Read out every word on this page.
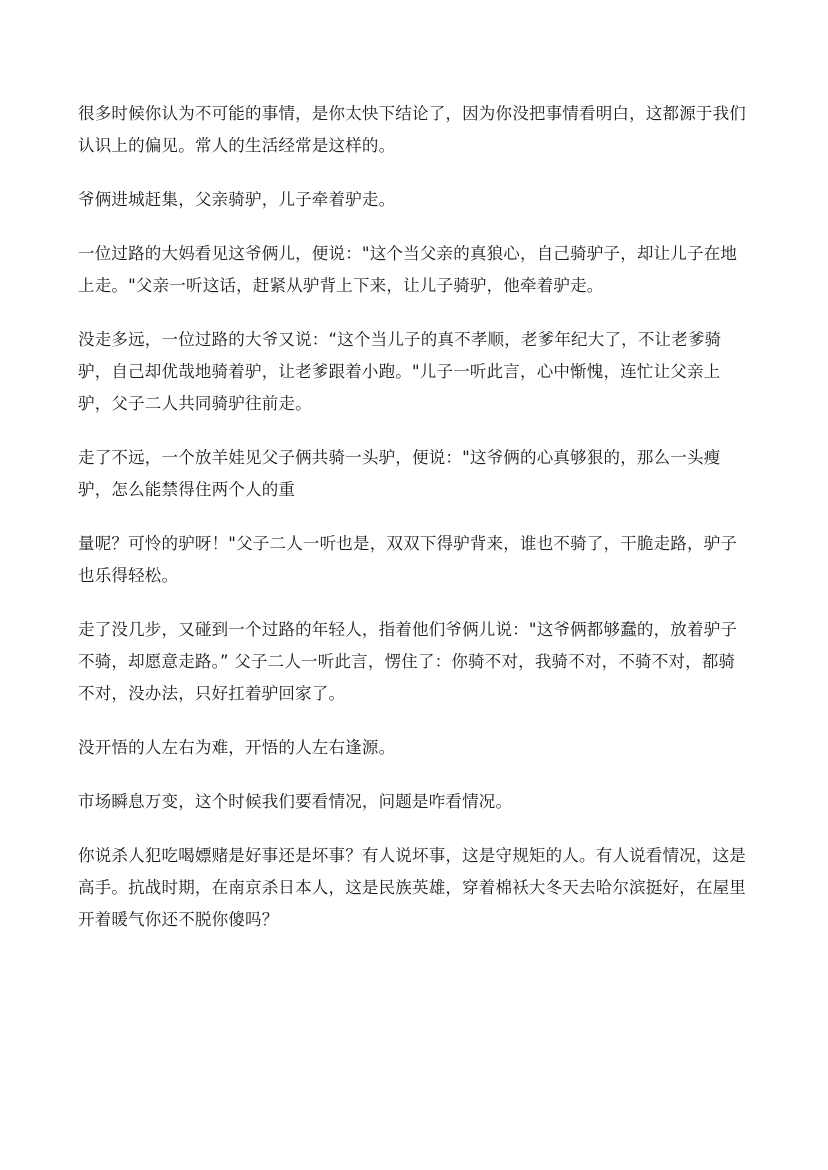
很多时候你认为不可能的事情，是你太快下结论了，因为你没把事情看明白，这都源于我们
认识上的偏见。常人的生活经常是这样的。

爷俩进城赶集，父亲骑驴，儿子牵着驴走。

一位过路的大妈看见这爷俩儿，便说："这个当父亲的真狼心，自己骑驴子，却让儿子在地
上走。"父亲一听这话，赶紧从驴背上下来，让儿子骑驴，他牵着驴走。

没走多远，一位过路的大爷又说：“这个当儿子的真不孝顺，老爹年纪大了，不让老爹骑
驴，自己却优哉地骑着驴，让老爹跟着小跑。"儿子一听此言，心中惭愧，连忙让父亲上
驴，父子二人共同骑驴往前走。

走了不远，一个放羊娃见父子俩共骑一头驴，便说："这爷俩的心真够狠的，那么一头瘦
驴，怎么能禁得住两个人的重

量呢？可怜的驴呀！"父子二人一听也是，双双下得驴背来，谁也不骑了，干脆走路，驴子
也乐得轻松。

走了没几步，又碰到一个过路的年轻人，指着他们爷俩儿说："这爷俩都够蠢的，放着驴子
不骑，却愿意走路。” 父子二人一听此言，愣住了：你骑不对，我骑不对，不骑不对，都骑
不对，没办法，只好扛着驴回家了。

没开悟的人左右为难，开悟的人左右逢源。

市场瞬息万变，这个时候我们要看情况，问题是咋看情况。

你说杀人犯吃喝嫖赌是好事还是坏事？有人说坏事，这是守规矩的人。有人说看情况，这是
高手。抗战时期，在南京杀日本人，这是民族英雄，穿着棉袄大冬天去哈尔滨挺好，在屋里
开着暖气你还不脱你傻吗？
